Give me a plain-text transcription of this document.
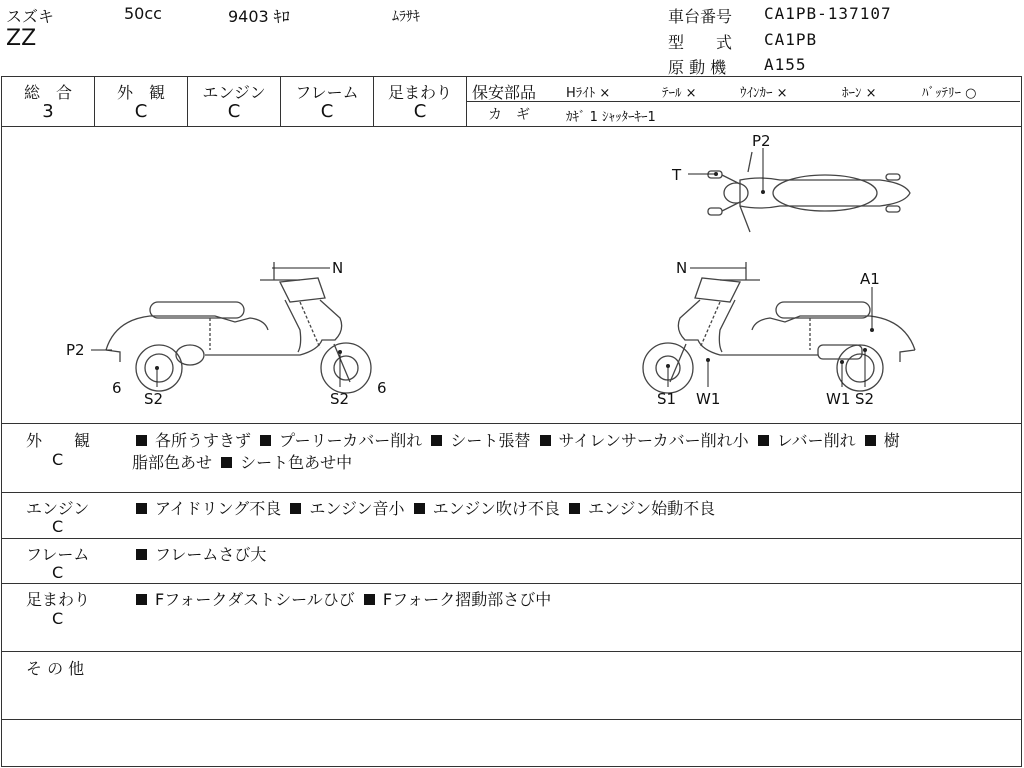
スズキ	50cc	9403 ｷﾛ	ﾑﾗｻｷ
ZZ
車台番号 CA1PB-137107
型　　式 CA1PB
原 動 機 A155
総　合
3
外　観
C
エンジン
C
フレーム
C
足まわり
C
保安部品 Hﾗｲﾄ ×	ﾃｰﾙ ×	ｳｲﾝｶｰ ×	ﾎｰﾝ ×	ﾊﾞｯﾃﾘｰ ○
カ　ギ	ｶｷﾞ 1 ｼｬｯﾀｰｷｰ1
P2
T
N
P2
6
S2	S2
6
N
A1
S1 W1	W1 S2
外　　観
C
各所うすきず プーリーカバー削れ シート張替 サイレンサーカバー削れ小 レバー削れ 樹
脂部色あせ シート色あせ中
エンジン
C
アイドリング不良 エンジン音小 エンジン吹け不良 エンジン始動不良
フレーム
C
フレームさび大
足まわり
C
Fフォークダストシールひび Fフォーク摺動部さび中
そ の 他
